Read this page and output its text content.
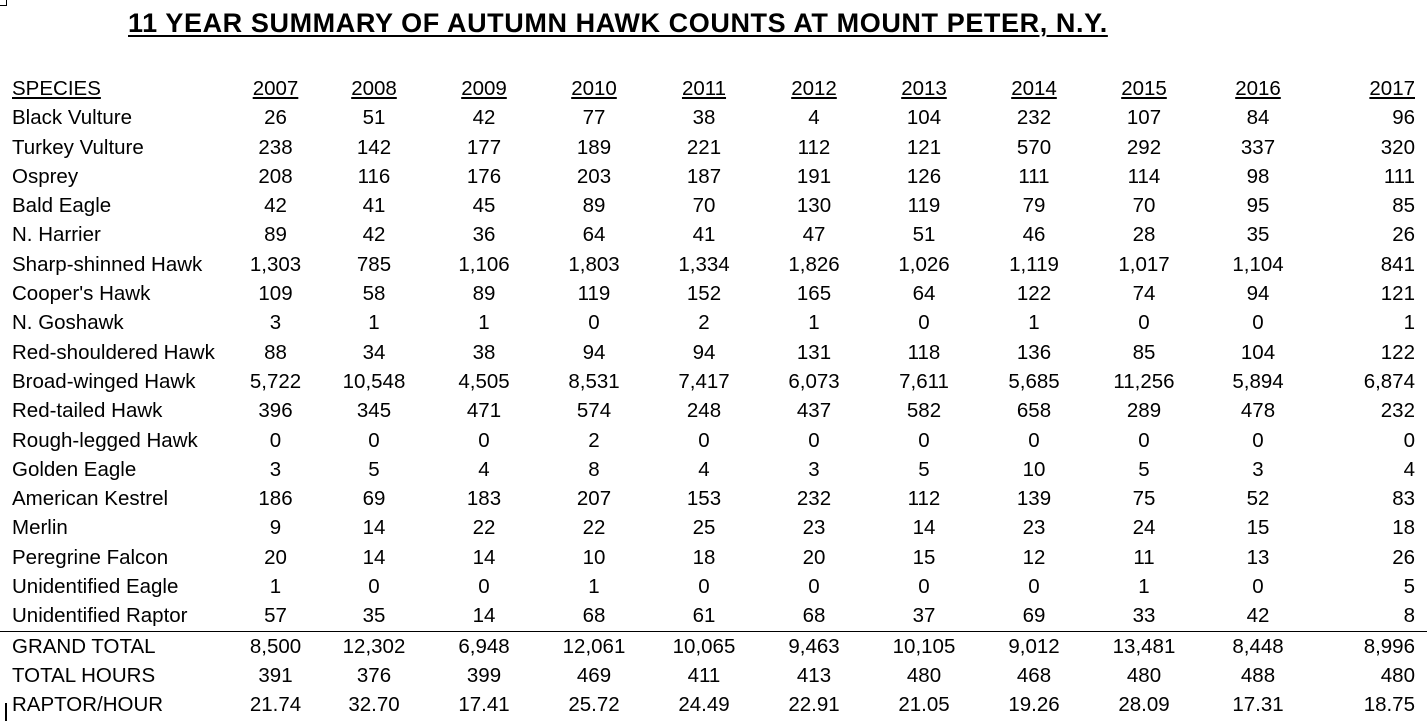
11 YEAR SUMMARY OF AUTUMN HAWK COUNTS AT MOUNT PETER, N.Y.
SPECIES	2007	2008	2009	2010	2011	2012	2013	2014	2015	2016	2017
Black Vulture	26	51	42	77	38	4	104	232	107	84	96
Turkey Vulture	238	142	177	189	221	112	121	570	292	337	320
Osprey	208	116	176	203	187	191	126	111	114	98	111
Bald Eagle	42	41	45	89	70	130	119	79	70	95	85
N. Harrier	89	42	36	64	41	47	51	46	28	35	26
Sharp-shinned Hawk	1,303	785	1,106	1,803	1,334	1,826	1,026	1,119	1,017	1,104	841
Cooper's Hawk	109	58	89	119	152	165	64	122	74	94	121
N. Goshawk	3	1	1	0	2	1	0	1	0	0	1
Red-shouldered Hawk	88	34	38	94	94	131	118	136	85	104	122
Broad-winged Hawk	5,722	10,548	4,505	8,531	7,417	6,073	7,611	5,685	11,256	5,894	6,874
Red-tailed Hawk	396	345	471	574	248	437	582	658	289	478	232
Rough-legged Hawk	0	0	0	2	0	0	0	0	0	0	0
Golden Eagle	3	5	4	8	4	3	5	10	5	3	4
American Kestrel	186	69	183	207	153	232	112	139	75	52	83
Merlin	9	14	22	22	25	23	14	23	24	15	18
Peregrine Falcon	20	14	14	10	18	20	15	12	11	13	26
Unidentified Eagle	1	0	0	1	0	0	0	0	1	0	5
Unidentified Raptor	57	35	14	68	61	68	37	69	33	42	8
GRAND TOTAL	8,500	12,302	6,948	12,061	10,065	9,463	10,105	9,012	13,481	8,448	8,996
TOTAL HOURS	391	376	399	469	411	413	480	468	480	488	480
RAPTOR/HOUR	21.74	32.70	17.41	25.72	24.49	22.91	21.05	19.26	28.09	17.31	18.75
